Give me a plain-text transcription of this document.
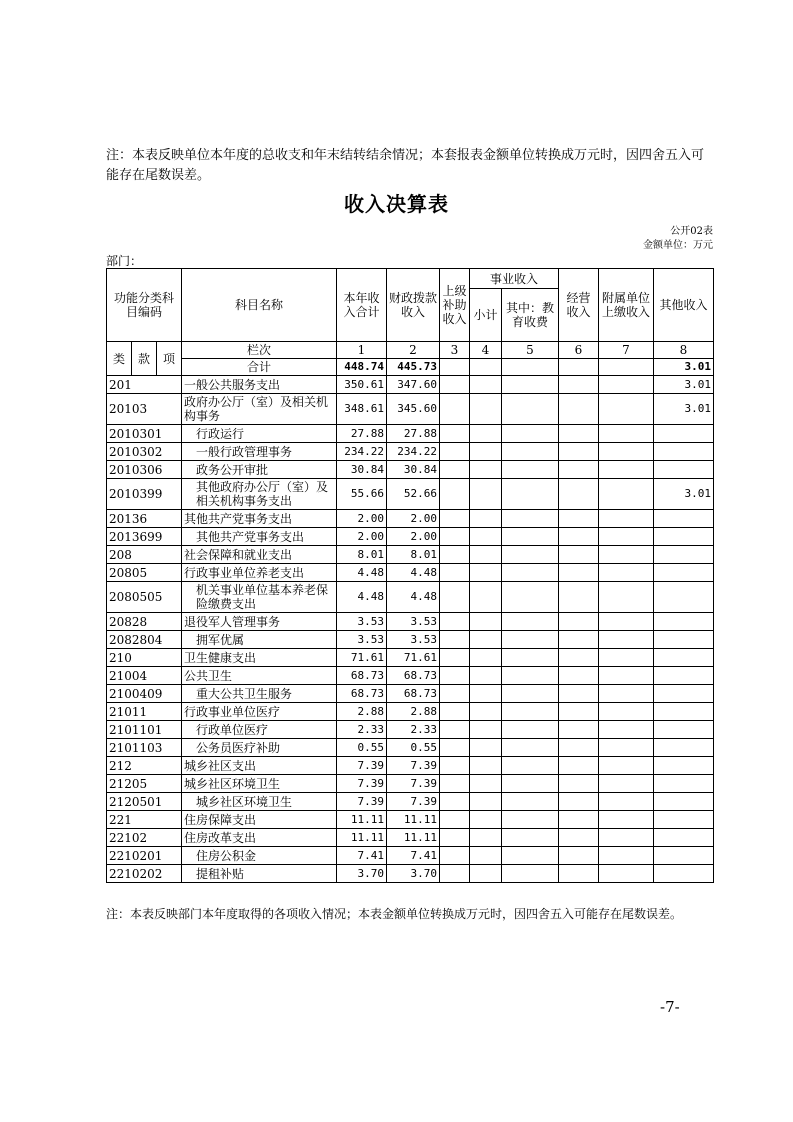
注：本表反映单位本年度的总收支和年末结转结余情况；本套报表金额单位转换成万元时，因四舍五入可能存在尾数误差。
收入决算表
公开02表
金额单位：万元
部门：
功能分类科目编码			科目名称	本年收入合计	财政拨款收入	上级补助收入	事业收入		经营收入	附属单位上缴收入	其他收入
							小计	其中：教育收费			
类	款	项	栏次	1	2	3	4	5	6	7	8
			合计	448.74	445.73						3.01
201			一般公共服务支出	350.61	347.60						3.01
20103			政府办公厅（室）及相关机构事务	348.61	345.60						3.01
2010301			行政运行	27.88	27.88						
2010302			一般行政管理事务	234.22	234.22						
2010306			政务公开审批	30.84	30.84						
2010399			其他政府办公厅（室）及相关机构事务支出	55.66	52.66						3.01
20136			其他共产党事务支出	2.00	2.00						
2013699			其他共产党事务支出	2.00	2.00						
208			社会保障和就业支出	8.01	8.01						
20805			行政事业单位养老支出	4.48	4.48						
2080505			机关事业单位基本养老保险缴费支出	4.48	4.48						
20828			退役军人管理事务	3.53	3.53						
2082804			拥军优属	3.53	3.53						
210			卫生健康支出	71.61	71.61						
21004			公共卫生	68.73	68.73						
2100409			重大公共卫生服务	68.73	68.73						
21011			行政事业单位医疗	2.88	2.88						
2101101			行政单位医疗	2.33	2.33						
2101103			公务员医疗补助	0.55	0.55						
212			城乡社区支出	7.39	7.39						
21205			城乡社区环境卫生	7.39	7.39						
2120501			城乡社区环境卫生	7.39	7.39						
221			住房保障支出	11.11	11.11						
22102			住房改革支出	11.11	11.11						
2210201			住房公积金	7.41	7.41						
2210202			提租补贴	3.70	3.70						
注：本表反映部门本年度取得的各项收入情况；本表金额单位转换成万元时，因四舍五入可能存在尾数误差。
-7-
